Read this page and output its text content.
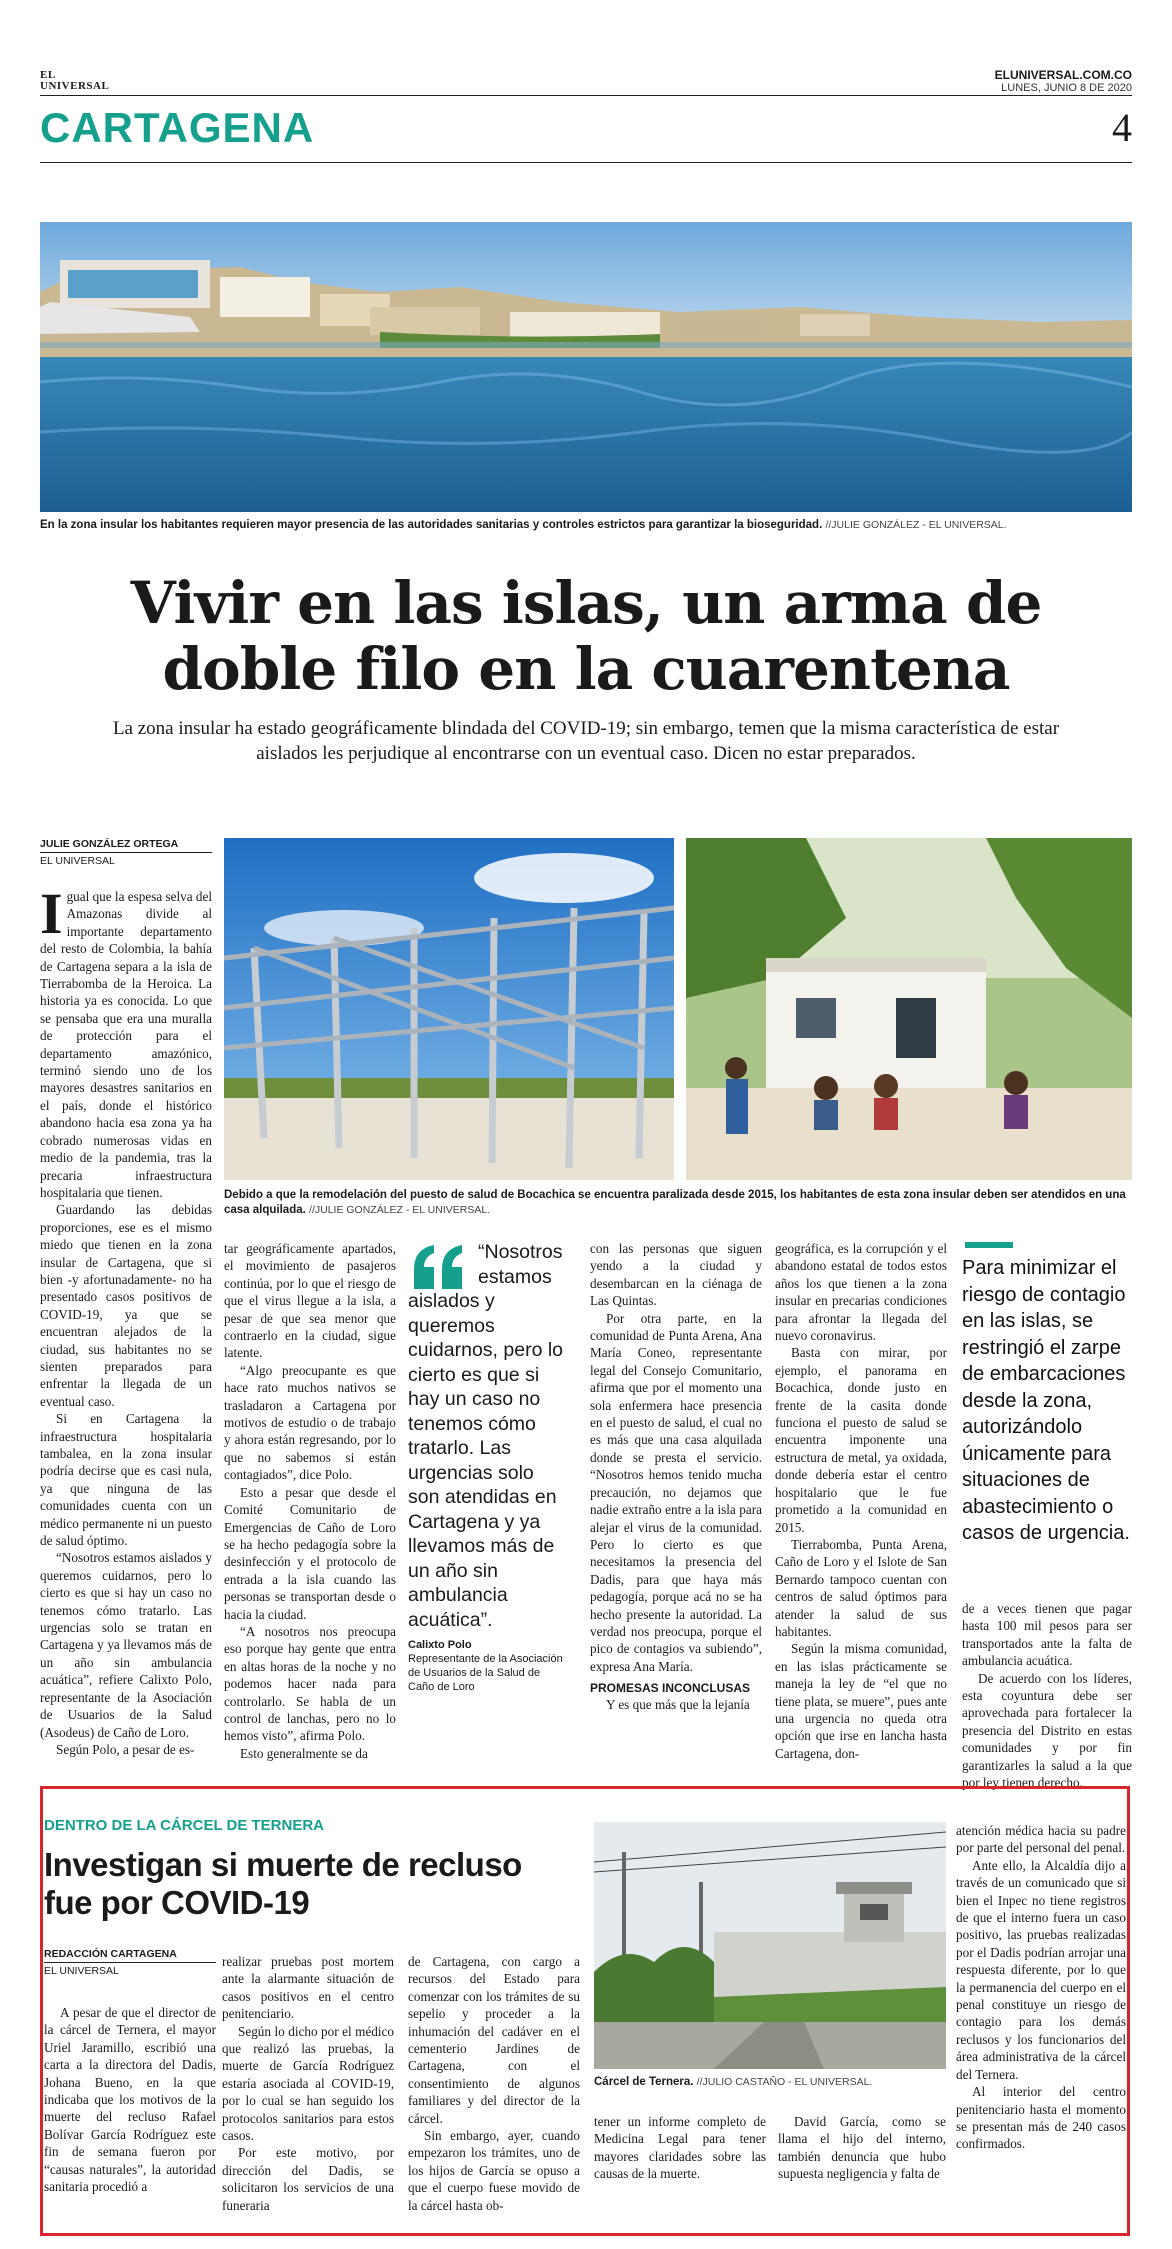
EL UNIVERSAL
ELUNIVERSAL.COM.CO
LUNES, JUNIO 8 DE 2020
CARTAGENA	4
En la zona insular los habitantes requieren mayor presencia de las autoridades sanitarias y controles estrictos para garantizar la bioseguridad. //JULIE GONZÁLEZ - EL UNIVERSAL.
Vivir en las islas, un arma de
doble filo en la cuarentena
La zona insular ha estado geográficamente blindada del COVID-19; sin embargo, temen que la misma característica de estar aislados les perjudique al encontrarse con un eventual caso. Dicen no estar preparados.
JULIE GONZÁLEZ ORTEGA
EL UNIVERSAL

Igual que la espesa selva del Amazonas divide al importante departamento del resto de Colombia, la bahía de Cartagena separa a la isla de Tierrabomba de la Heroica. La historia ya es conocida. Lo que se pensaba que era una muralla de protección para el departamento amazónico, terminó siendo uno de los mayores desastres sanitarios en el país, donde el histórico abandono hacia esa zona ya ha cobrado numerosas vidas en medio de la pandemia, tras la precaria infraestructura hospitalaria que tienen.

Guardando las debidas proporciones, ese es el mismo miedo que tienen en la zona insular de Cartagena, que si bien -y afortunadamente- no ha presentado casos positivos de COVID-19, ya que se encuentran alejados de la ciudad, sus habitantes no se sienten preparados para enfrentar la llegada de un eventual caso.

Si en Cartagena la infraestructura hospitalaria tambalea, en la zona insular podría decirse que es casi nula, ya que ninguna de las comunidades cuenta con un médico permanente ni un puesto de salud óptimo.

“Nosotros estamos aislados y queremos cuidarnos, pero lo cierto es que si hay un caso no tenemos cómo tratarlo. Las urgencias solo se tratan en Cartagena y ya llevamos más de un año sin ambulancia acuática”, refiere Calixto Polo, representante de la Asociación de Usuarios de la Salud (Asodeus) de Caño de Loro.

Según Polo, a pesar de es-

Debido a que la remodelación del puesto de salud de Bocachica se encuentra paralizada desde 2015, los habitantes de esta zona insular deben ser atendidos en una casa alquilada. //JULIE GONZÁLEZ - EL UNIVERSAL.

tar geográficamente apartados, el movimiento de pasajeros continúa, por lo que el riesgo de que el virus llegue a la isla, a pesar de que sea menor que contraerlo en la ciudad, sigue latente.

“Algo preocupante es que hace rato muchos nativos se trasladaron a Cartagena por motivos de estudio o de trabajo y ahora están regresando, por lo que no sabemos si están contagiados”, dice Polo.

Esto a pesar que desde el Comité Comunitario de Emergencias de Caño de Loro se ha hecho pedagogía sobre la desinfección y el protocolo de entrada a la isla cuando las personas se transportan desde o hacia la ciudad.

“A nosotros nos preocupa eso porque hay gente que entra en altas horas de la noche y no podemos hacer nada para controlarlo. Se habla de un control de lanchas, pero no lo hemos visto”, afirma Polo.

Esto generalmente se da

“Nosotros estamos
aislados y queremos cuidarnos, pero lo cierto es que si hay un caso no tenemos cómo tratarlo. Las urgencias solo son atendidas en Cartagena y ya llevamos más de un año sin ambulancia acuática”.
Calixto Polo
Representante de la Asociación de Usuarios de la Salud de Caño de Loro

con las personas que siguen yendo a la ciudad y desembarcan en la ciénaga de Las Quintas.

Por otra parte, en la comunidad de Punta Arena, Ana María Coneo, representante legal del Consejo Comunitario, afirma que por el momento una sola enfermera hace presencia en el puesto de salud, el cual no es más que una casa alquilada donde se presta el servicio. “Nosotros hemos tenido mucha precaución, no dejamos que nadie extraño entre a la isla para alejar el virus de la comunidad. Pero lo cierto es que necesitamos la presencia del Dadis, para que haya más pedagogía, porque acá no se ha hecho presente la autoridad. La verdad nos preocupa, porque el pico de contagios va subiendo”, expresa Ana María.

PROMESAS INCONCLUSAS

Y es que más que la lejanía

geográfica, es la corrupción y el abandono estatal de todos estos años los que tienen a la zona insular en precarias condiciones para afrontar la llegada del nuevo coronavirus.

Basta con mirar, por ejemplo, el panorama en Bocachica, donde justo en frente de la casita donde funciona el puesto de salud se encuentra imponente una estructura de metal, ya oxidada, donde debería estar el centro hospitalario que le fue prometido a la comunidad en 2015.

Tierrabomba, Punta Arena, Caño de Loro y el Islote de San Bernardo tampoco cuentan con centros de salud óptimos para atender la salud de sus habitantes.

Según la misma comunidad, en las islas prácticamente se maneja la ley de “el que no tiene plata, se muere”, pues ante una urgencia no queda otra opción que irse en lancha hasta Cartagena, don-

Para minimizar el riesgo de contagio en las islas, se restringió el zarpe de embarcaciones desde la zona, autorizándolo únicamente para situaciones de abastecimiento o casos de urgencia.

de a veces tienen que pagar hasta 100 mil pesos para ser transportados ante la falta de ambulancia acuática.

De acuerdo con los líderes, esta coyuntura debe ser aprovechada para fortalecer la presencia del Distrito en estas comunidades y por fin garantizarles la salud a la que por ley tienen derecho.

DENTRO DE LA CÁRCEL DE TERNERA
Investigan si muerte de recluso fue por COVID-19
REDACCIÓN CARTAGENA
EL UNIVERSAL

A pesar de que el director de la cárcel de Ternera, el mayor Uriel Jaramillo, escribió una carta a la directora del Dadis, Johana Bueno, en la que indicaba que los motivos de la muerte del recluso Rafael Bolívar García Rodríguez este fin de semana fueron por “causas naturales”, la autoridad sanitaria procedió a

realizar pruebas post mortem ante la alarmante situación de casos positivos en el centro penitenciario.

Según lo dicho por el médico que realizó las pruebas, la muerte de García Rodríguez estaría asociada al COVID-19, por lo cual se han seguido los protocolos sanitarios para estos casos.

Por este motivo, por dirección del Dadis, se solicitaron los servicios de una funeraria

de Cartagena, con cargo a recursos del Estado para comenzar con los trámites de su sepelio y proceder a la inhumación del cadáver en el cementerio Jardines de Cartagena, con el consentimiento de algunos familiares y del director de la cárcel.

Sin embargo, ayer, cuando empezaron los trámites, uno de los hijos de García se opuso a que el cuerpo fuese movido de la cárcel hasta ob-

Cárcel de Ternera. //JULIO CASTAÑO - EL UNIVERSAL.

tener un informe completo de Medicina Legal para tener mayores claridades sobre las causas de la muerte.

David García, como se llama el hijo del interno, también denuncia que hubo supuesta negligencia y falta de

atención médica hacia su padre por parte del personal del penal.

Ante ello, la Alcaldía dijo a través de un comunicado que si bien el Inpec no tiene registros de que el interno fuera un caso positivo, las pruebas realizadas por el Dadis podrían arrojar una respuesta diferente, por lo que la permanencia del cuerpo en el penal constituye un riesgo de contagio para los demás reclusos y los funcionarios del área administrativa de la cárcel del Ternera.

Al interior del centro penitenciario hasta el momento se presentan más de 240 casos confirmados.
